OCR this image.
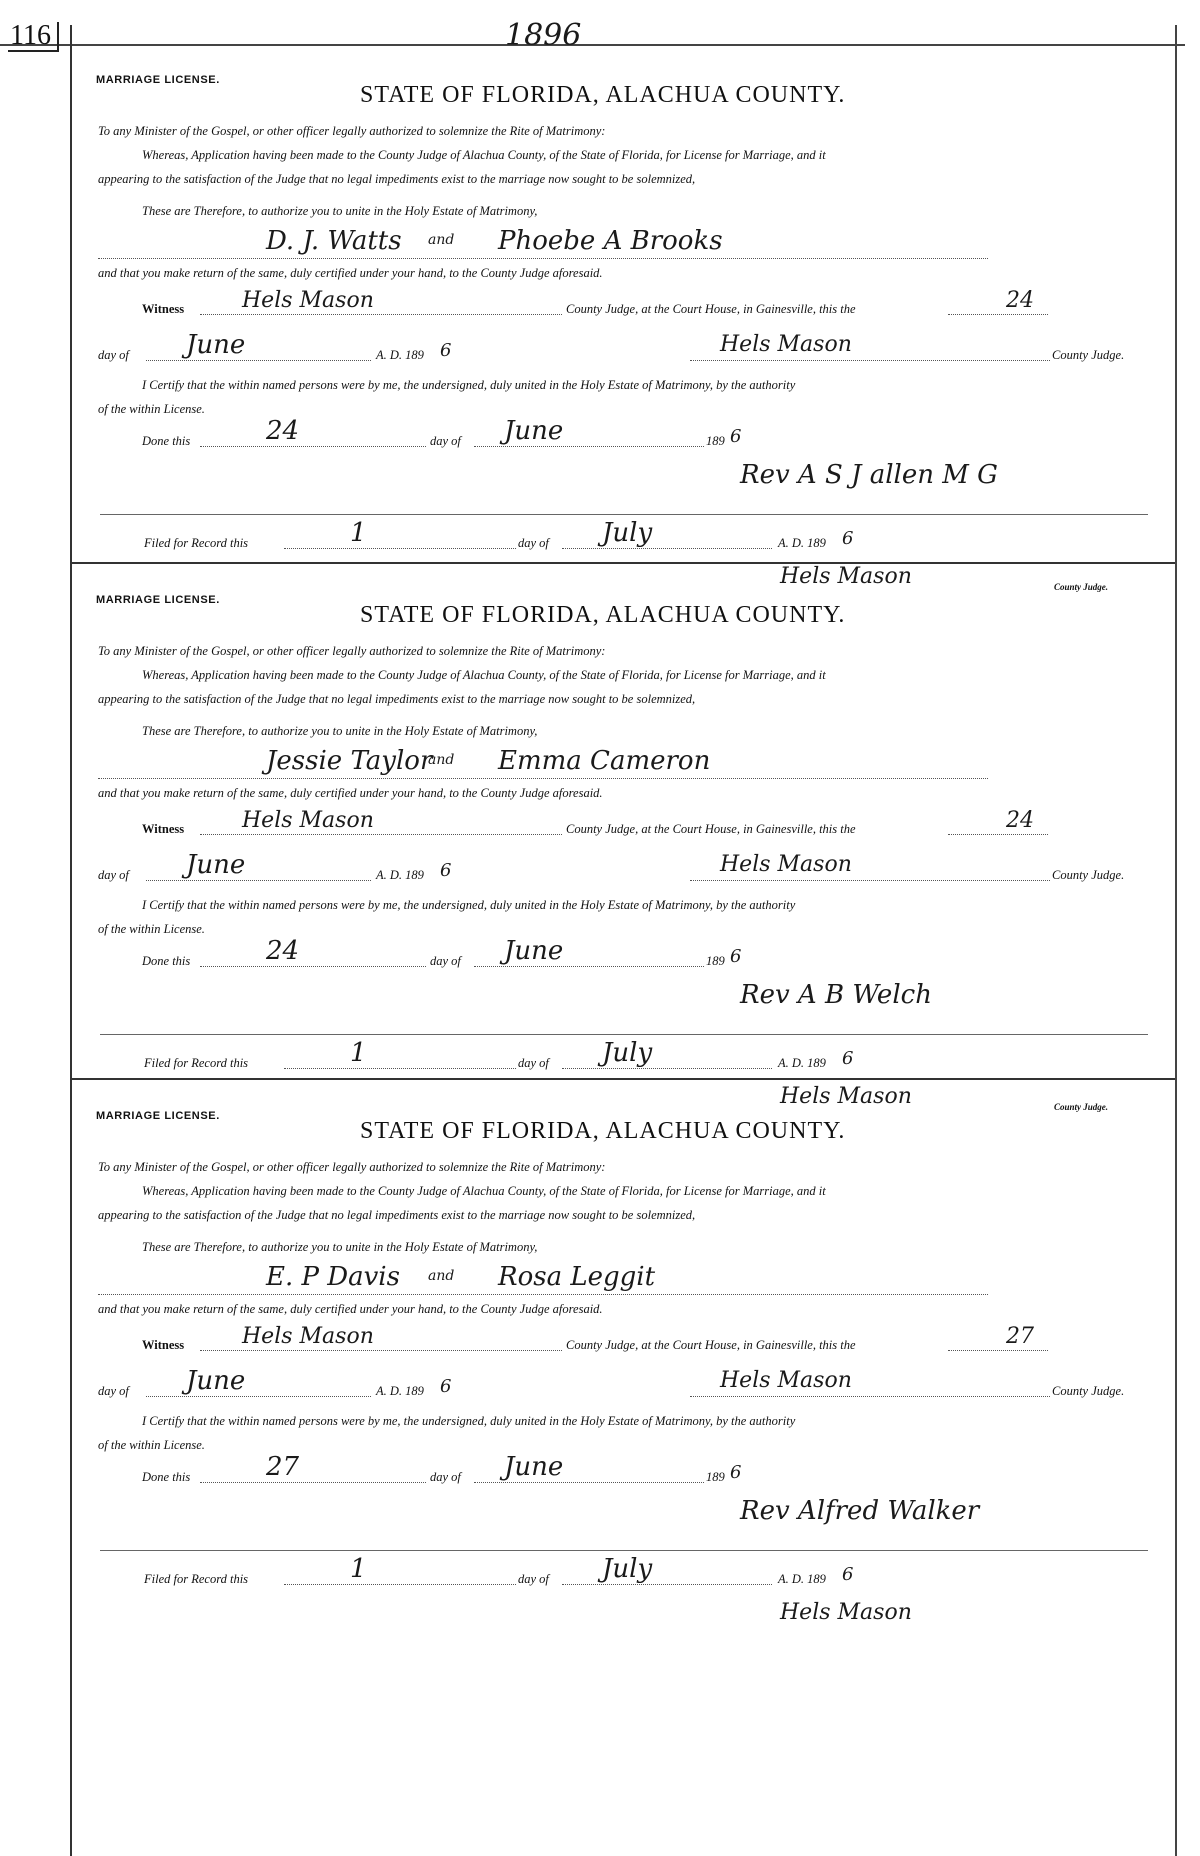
116	1896
MARRIAGE LICENSE.
STATE OF FLORIDA, ALACHUA COUNTY.
To any Minister of the Gospel, or other officer legally authorized to solemnize the Rite of Matrimony:
Whereas, Application having been made to the County Judge of Alachua County, of the State of Florida, for License for Marriage, and it
appearing to the satisfaction of the Judge that no legal impediments exist to the marriage now sought to be solemnized,
These are Therefore, to authorize you to unite in the Holy Estate of Matrimony,
D. J. Watts and Phoebe A Brooks
and that you make return of the same, duly certified under your hand, to the County Judge aforesaid.
Witness	Hels Mason	County Judge, at the Court House, in Gainesville, this the	24
day of June	A. D. 189 6	Hels Mason	County Judge.
I Certify that the within named persons were by me, the undersigned, duly united in the Holy Estate of Matrimony, by the authority
of the within License.
Done this	24	day of June	189 6
Rev A S J allen M G
Filed for Record this	1	day of July	A. D. 189 6
Hels Mason	County Judge.
MARRIAGE LICENSE.
STATE OF FLORIDA, ALACHUA COUNTY.
To any Minister of the Gospel, or other officer legally authorized to solemnize the Rite of Matrimony:
Whereas, Application having been made to the County Judge of Alachua County, of the State of Florida, for License for Marriage, and it
appearing to the satisfaction of the Judge that no legal impediments exist to the marriage now sought to be solemnized,
These are Therefore, to authorize you to unite in the Holy Estate of Matrimony,
Jessie Taylor
and Emma Cameron
and that you make return of the same, duly certified under your hand, to the County Judge aforesaid.
Witness	Hels Mason	County Judge, at the Court House, in Gainesville, this the	24
day of June	A. D. 189 6	Hels Mason	County Judge.
I Certify that the within named persons were by me, the undersigned, duly united in the Holy Estate of Matrimony, by the authority
of the within License.
Done this	24	day of June	189 6
Rev A B Welch
Filed for Record this	1	day of July	A. D. 189 6
Hels Mason	County Judge.
MARRIAGE LICENSE.
STATE OF FLORIDA, ALACHUA COUNTY.
To any Minister of the Gospel, or other officer legally authorized to solemnize the Rite of Matrimony:
Whereas, Application having been made to the County Judge of Alachua County, of the State of Florida, for License for Marriage, and it
appearing to the satisfaction of the Judge that no legal impediments exist to the marriage now sought to be solemnized,
These are Therefore, to authorize you to unite in the Holy Estate of Matrimony,
E. P Davis and Rosa Leggit
and that you make return of the same, duly certified under your hand, to the County Judge aforesaid.
Witness	Hels Mason	County Judge, at the Court House, in Gainesville, this the	27
day of June	A. D. 189 6	Hels Mason	County Judge.
I Certify that the within named persons were by me, the undersigned, duly united in the Holy Estate of Matrimony, by the authority
of the within License.
Done this	27	day of June	189 6
Rev Alfred Walker
Filed for Record this	1	day of July	A. D. 189 6
Hels Mason
